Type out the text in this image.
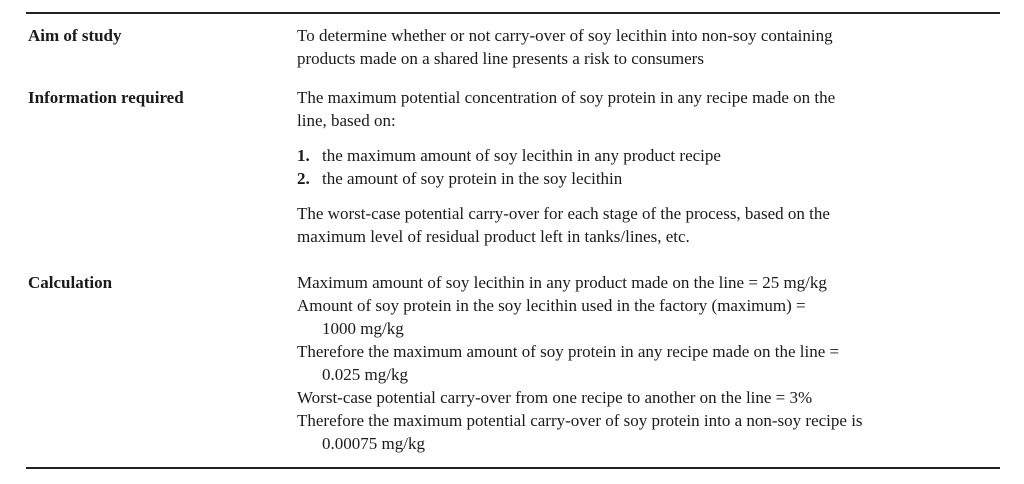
Aim of study	To determine whether or not carry-over of soy lecithin into non-soy containing
products made on a shared line presents a risk to consumers
Information required	The maximum potential concentration of soy protein in any recipe made on the
line, based on:
1. the maximum amount of soy lecithin in any product recipe
2. the amount of soy protein in the soy lecithin
The worst-case potential carry-over for each stage of the process, based on the
maximum level of residual product left in tanks/lines, etc.
Calculation	Maximum amount of soy lecithin in any product made on the line = 25 mg/kg
Amount of soy protein in the soy lecithin used in the factory (maximum) =
1000 mg/kg
Therefore the maximum amount of soy protein in any recipe made on the line =
0.025 mg/kg
Worst-case potential carry-over from one recipe to another on the line = 3%
Therefore the maximum potential carry-over of soy protein into a non-soy recipe is
0.00075 mg/kg
